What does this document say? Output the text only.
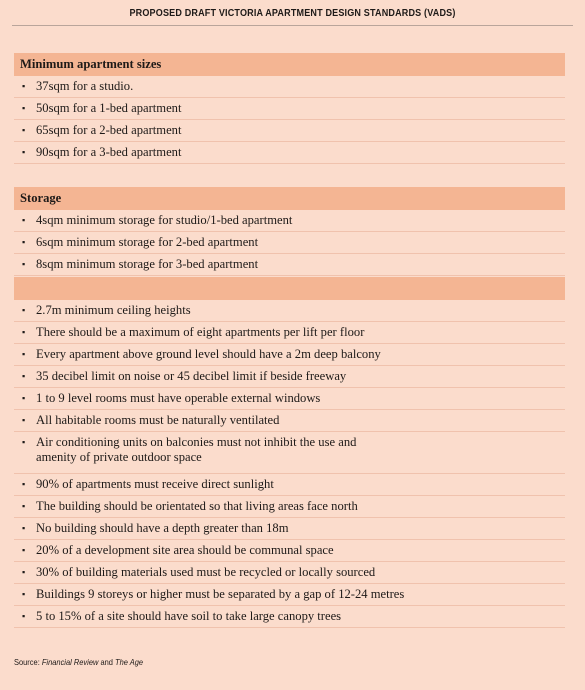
PROPOSED DRAFT VICTORIA APARTMENT DESIGN STANDARDS (VADS)
Minimum apartment sizes
▪ 37sqm for a studio.
▪ 50sqm for a 1-bed apartment
▪ 65sqm for a 2-bed apartment
▪ 90sqm for a 3-bed apartment
Storage
▪ 4sqm minimum storage for studio/1-bed apartment
▪ 6sqm minimum storage for 2-bed apartment
▪ 8sqm minimum storage for 3-bed apartment
▪ 2.7m minimum ceiling heights
▪ There should be a maximum of eight apartments per lift per floor
▪ Every apartment above ground level should have a 2m deep balcony
▪ 35 decibel limit on noise or 45 decibel limit if beside freeway
▪ 1 to 9 level rooms must have operable external windows
▪ All habitable rooms must be naturally ventilated
▪ Air conditioning units on balconies must not inhibit the use and amenity of private outdoor space
▪ 90% of apartments must receive direct sunlight
▪ The building should be orientated so that living areas face north
▪ No building should have a depth greater than 18m
▪ 20% of a development site area should be communal space
▪ 30% of building materials used must be recycled or locally sourced
▪ Buildings 9 storeys or higher must be separated by a gap of 12-24 metres
▪ 5 to 15% of a site should have soil to take large canopy trees
Source: Financial Review and The Age
